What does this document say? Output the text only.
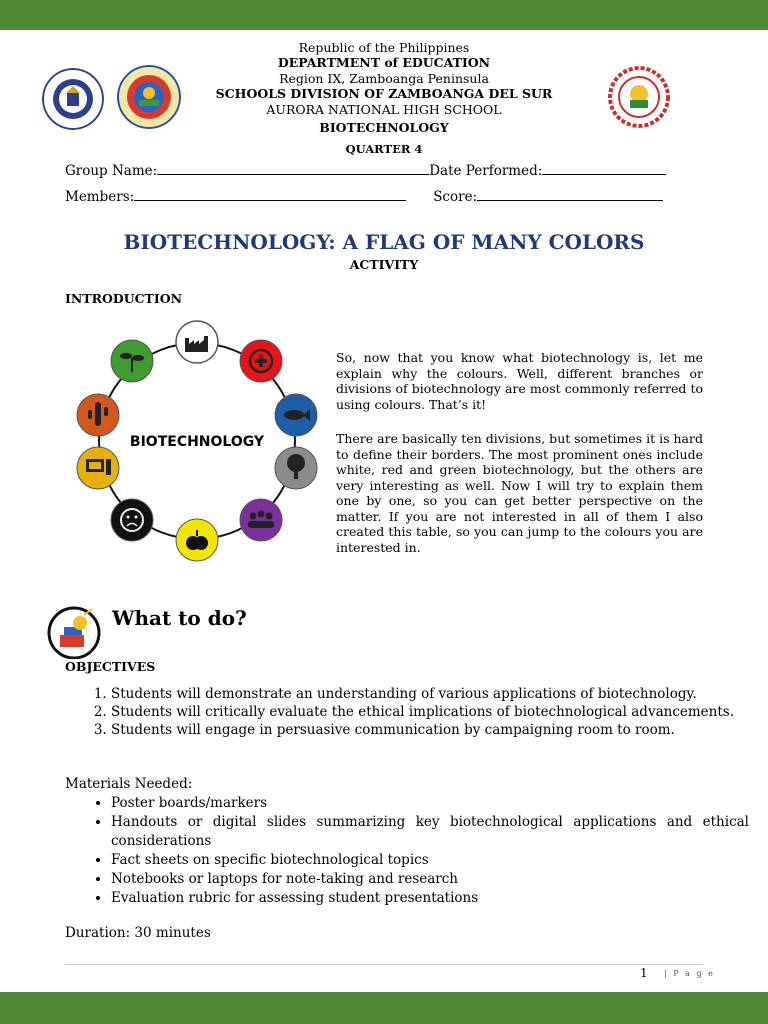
Republic of the Philippines
DEPARTMENT of EDUCATION
Region IX, Zamboanga Peninsula
SCHOOLS DIVISION OF ZAMBOANGA DEL SUR
AURORA NATIONAL HIGH SCHOOL
BIOTECHNOLOGY
QUARTER 4
Group Name:	Date Performed:
Members:	Score:
BIOTECHNOLOGY: A FLAG OF MANY COLORS
ACTIVITY
INTRODUCTION
BIOTECHNOLOGY

So, now that you know what biotechnology is, let me explain why the colours. Well, different branches or divisions of biotechnology are most commonly referred to using colours. That’s it!

There are basically ten divisions, but sometimes it is hard to define their borders. The most prominent ones include white, red and green biotechnology, but the others are very interesting as well. Now I will try to explain them one by one, so you can get better perspective on the matter. If you are not interested in all of them I also created this table, so you can jump to the colours you are interested in.

What to do?
OBJECTIVES
1. Students will demonstrate an understanding of various applications of biotechnology.
2. Students will critically evaluate the ethical implications of biotechnological advancements.
3. Students will engage in persuasive communication by campaigning room to room.
Materials Needed:
• Poster boards/markers
• Handouts or digital slides summarizing key biotechnological applications and ethical considerations
• Fact sheets on specific biotechnological topics
• Notebooks or laptops for note-taking and research
• Evaluation rubric for assessing student presentations
Duration: 30 minutes
1 | P a g e
